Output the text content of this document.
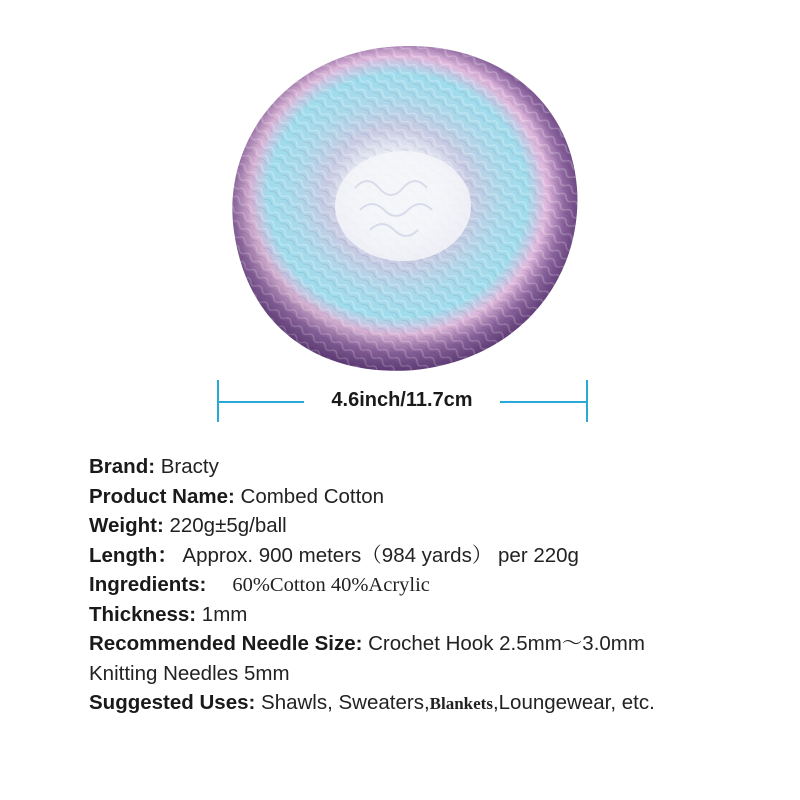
4.6inch/11.7cm
Brand: Bracty
Product Name: Combed Cotton
Weight: 220g±5g/ball
Length： Approx. 900 meters（984 yards） per 220g
Ingredients: 60%Cotton 40%Acrylic
Thickness: 1mm
Recommended Needle Size: Crochet Hook 2.5mm～3.0mm
Knitting Needles 5mm
Suggested Uses: Shawls, Sweaters,Blankets,Loungewear, etc.
